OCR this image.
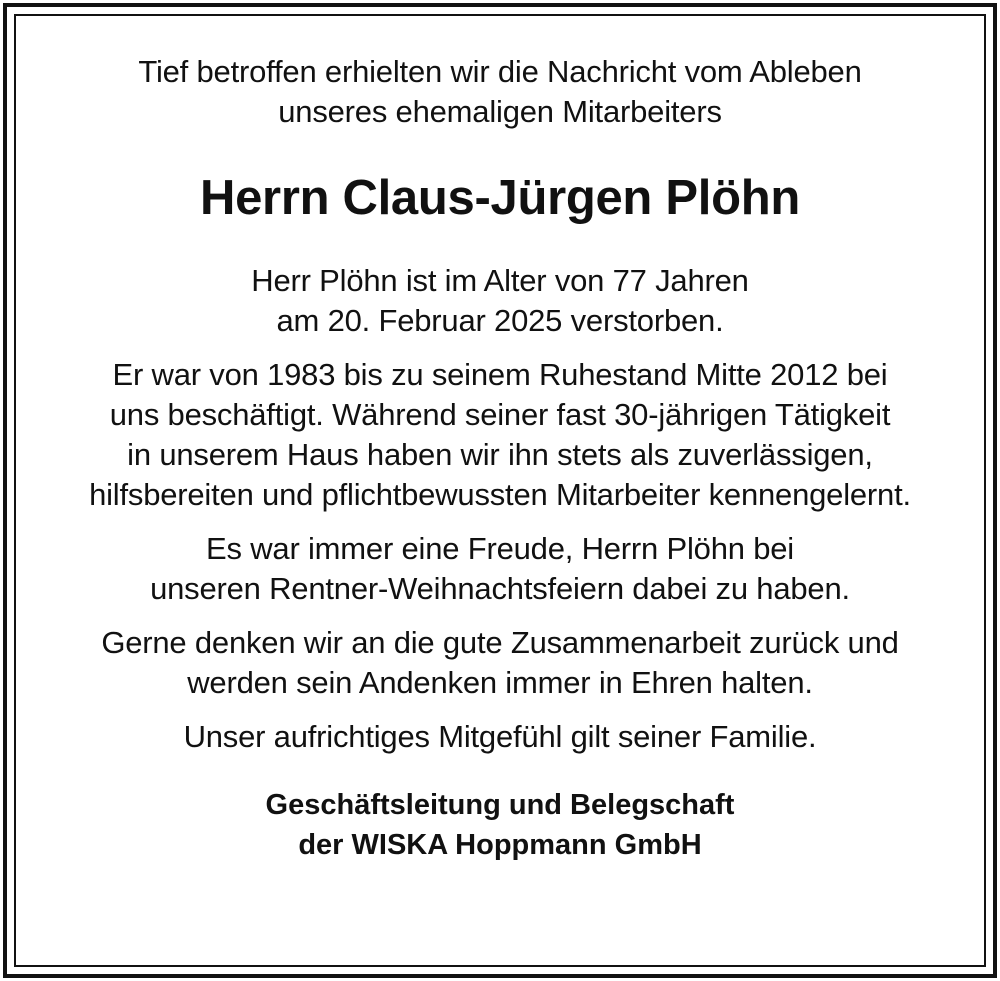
Tief betroffen erhielten wir die Nachricht vom Ableben
unseres ehemaligen Mitarbeiters

Herrn Claus-Jürgen Plöhn

Herr Plöhn ist im Alter von 77 Jahren
am 20. Februar 2025 verstorben.

Er war von 1983 bis zu seinem Ruhestand Mitte 2012 bei
uns beschäftigt. Während seiner fast 30-jährigen Tätigkeit
in unserem Haus haben wir ihn stets als zuverlässigen,
hilfsbereiten und pflichtbewussten Mitarbeiter kennengelernt.

Es war immer eine Freude, Herrn Plöhn bei
unseren Rentner-Weihnachtsfeiern dabei zu haben.

Gerne denken wir an die gute Zusammenarbeit zurück und
werden sein Andenken immer in Ehren halten.

Unser aufrichtiges Mitgefühl gilt seiner Familie.

Geschäftsleitung und Belegschaft
der WISKA Hoppmann GmbH
